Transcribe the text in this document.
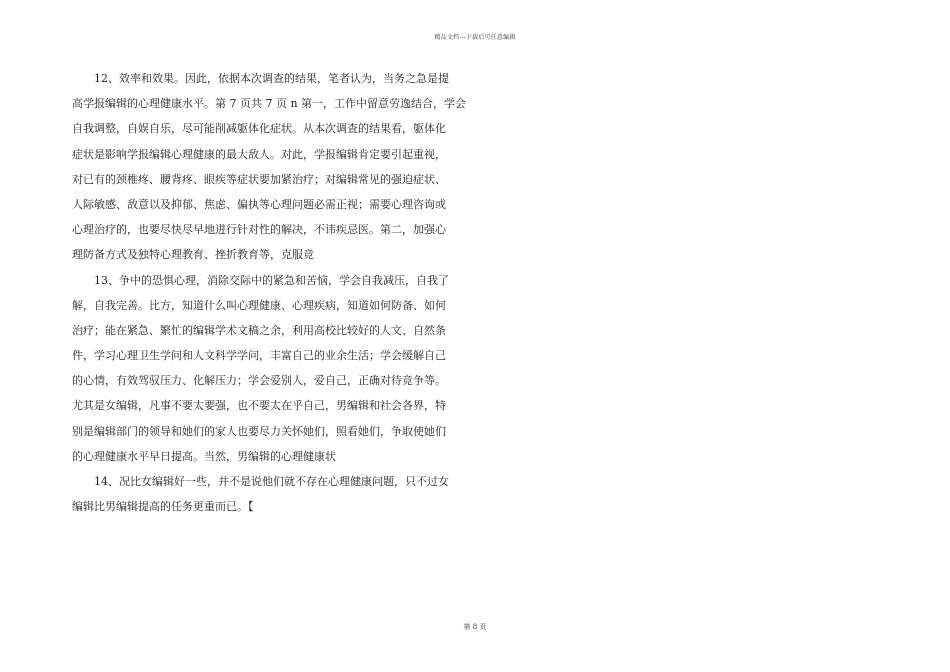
精品文档---下载后可任意编辑
12、效率和效果。因此，依据本次调查的结果，笔者认为，当务之急是提
高学报编辑的心理健康水平。第 7 页共 7 页 n 第一，工作中留意劳逸结合，学会
自我调整，自娱自乐，尽可能削减躯体化症状。从本次调查的结果看，躯体化
症状是影响学报编辑心理健康的最大敌人。对此，学报编辑肯定要引起重视，
对已有的颈椎疼、腰背疼、眼疾等症状要加紧治疗；对编辑常见的强迫症状、
人际敏感、敌意以及抑郁、焦虑、偏执等心理问题必需正视；需要心理咨询或
心理治疗的，也要尽快尽早地进行针对性的解决，不讳疾忌医。第二，加强心
理防备方式及独特心理教育、挫折教育等，克服竞
13、争中的恐惧心理，消除交际中的紧急和苦恼，学会自我减压，自我了
解，自我完善。比方，知道什么叫心理健康、心理疾病，知道如何防备、如何
治疗；能在紧急、繁忙的编辑学术文稿之余，利用高校比较好的人文、自然条
件，学习心理卫生学问和人文科学学问，丰富自己的业余生活；学会缓解自己
的心情，有效驾驭压力、化解压力；学会爱别人，爱自己，正确对待竞争等。
尤其是女编辑，凡事不要太要强，也不要太在乎自己，男编辑和社会各界，特
别是编辑部门的领导和她们的家人也要尽力关怀她们，照看她们，争取使她们
的心理健康水平早日提高。当然，男编辑的心理健康状
14、况比女编辑好一些，并不是说他们就不存在心理健康问题，只不过女
编辑比男编辑提高的任务更重而已。【
第 8 页
